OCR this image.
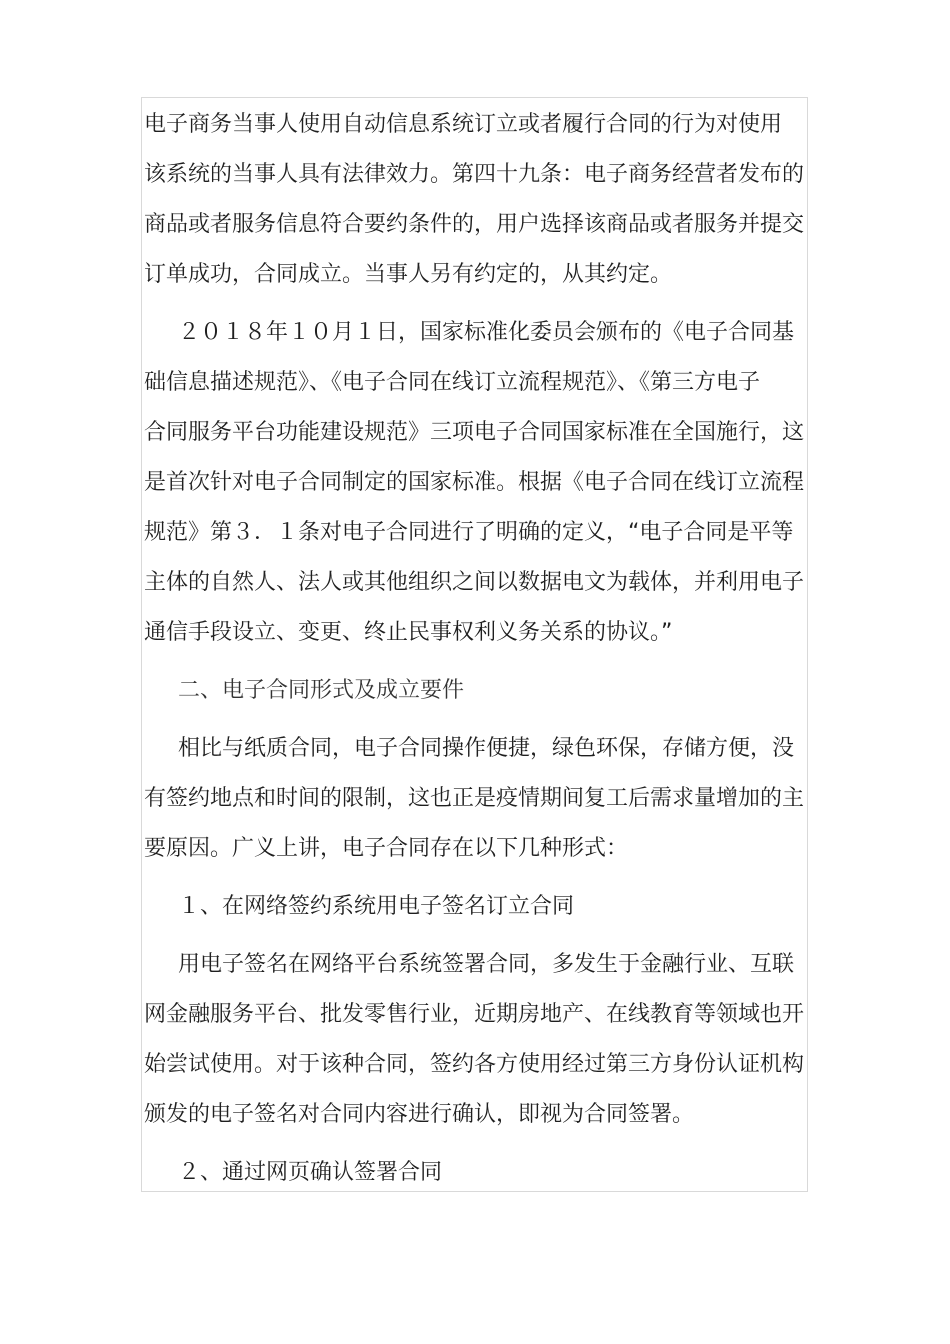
电子商务当事人使用自动信息系统订立或者履行合同的行为对使用
该系统的当事人具有法律效力。第四十九条：电子商务经营者发布的
商品或者服务信息符合要约条件的，用户选择该商品或者服务并提交
订单成功，合同成立。当事人另有约定的，从其约定。
２０１８年１０月１日，国家标准化委员会颁布的《电子合同基
础信息描述规范》、《电子合同在线订立流程规范》、《第三方电子
合同服务平台功能建设规范》三项电子合同国家标准在全国施行，这
是首次针对电子合同制定的国家标准。根据《电子合同在线订立流程
规范》第３．１条对电子合同进行了明确的定义，“电子合同是平等
主体的自然人、法人或其他组织之间以数据电文为载体，并利用电子
通信手段设立、变更、终止民事权利义务关系的协议。”

二、电子合同形式及成立要件

相比与纸质合同，电子合同操作便捷，绿色环保，存储方便，没
有签约地点和时间的限制，这也正是疫情期间复工后需求量增加的主
要原因。广义上讲，电子合同存在以下几种形式：

１、在网络签约系统用电子签名订立合同

用电子签名在网络平台系统签署合同，多发生于金融行业、互联
网金融服务平台、批发零售行业，近期房地产、在线教育等领域也开
始尝试使用。对于该种合同，签约各方使用经过第三方身份认证机构
颁发的电子签名对合同内容进行确认，即视为合同签署。

２、通过网页确认签署合同
